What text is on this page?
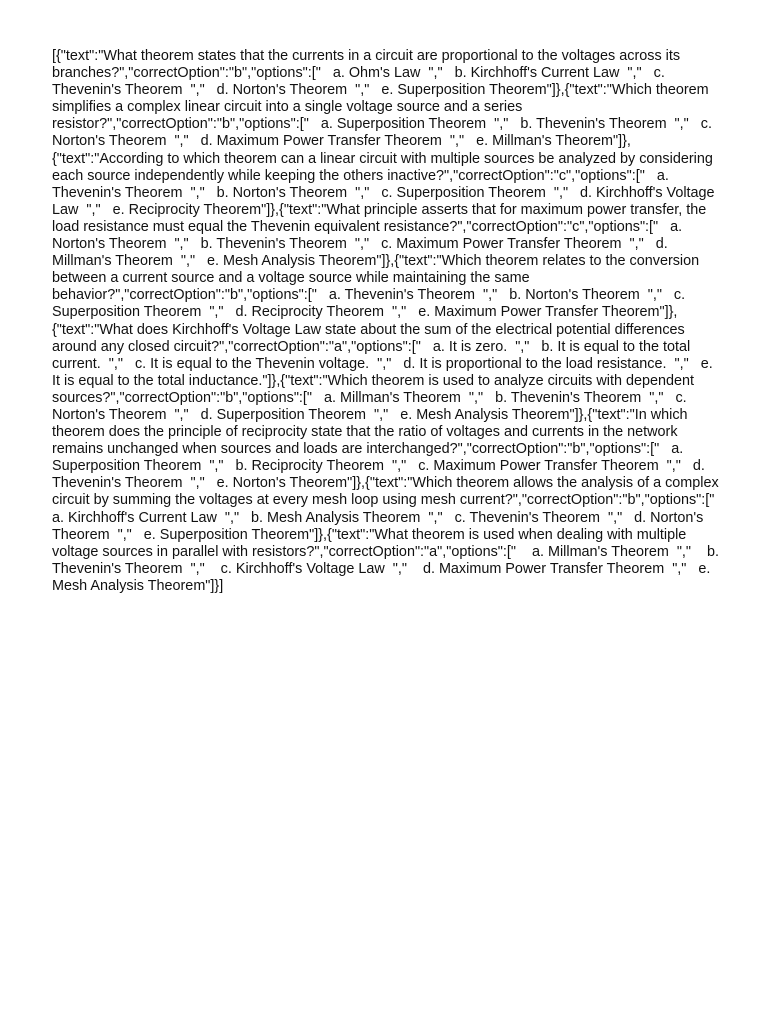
[{"text":"What theorem states that the currents in a circuit are proportional to the voltages across its branches?","correctOption":"b","options":["   a. Ohm's Law  ","   b. Kirchhoff's Current Law  ","   c. Thevenin's Theorem  ","   d. Norton's Theorem  ","   e. Superposition Theorem"]},{"text":"Which theorem simplifies a complex linear circuit into a single voltage source and a series resistor?","correctOption":"b","options":["   a. Superposition Theorem  ","   b. Thevenin's Theorem  ","   c. Norton's Theorem  ","   d. Maximum Power Transfer Theorem  ","   e. Millman's Theorem"]},{"text":"According to which theorem can a linear circuit with multiple sources be analyzed by considering each source independently while keeping the others inactive?","correctOption":"c","options":["   a. Thevenin's Theorem  ","   b. Norton's Theorem  ","   c. Superposition Theorem  ","   d. Kirchhoff's Voltage Law  ","   e. Reciprocity Theorem"]},{"text":"What principle asserts that for maximum power transfer, the load resistance must equal the Thevenin equivalent resistance?","correctOption":"c","options":["   a. Norton's Theorem  ","   b. Thevenin's Theorem  ","   c. Maximum Power Transfer Theorem  ","   d. Millman's Theorem  ","   e. Mesh Analysis Theorem"]},{"text":"Which theorem relates to the conversion between a current source and a voltage source while maintaining the same behavior?","correctOption":"b","options":["   a. Thevenin's Theorem  ","   b. Norton's Theorem  ","   c. Superposition Theorem  ","   d. Reciprocity Theorem  ","   e. Maximum Power Transfer Theorem"]},{"text":"What does Kirchhoff's Voltage Law state about the sum of the electrical potential differences around any closed circuit?","correctOption":"a","options":["   a. It is zero.  ","   b. It is equal to the total current.  ","   c. It is equal to the Thevenin voltage.  ","   d. It is proportional to the load resistance.  ","   e. It is equal to the total inductance."]},{"text":"Which theorem is used to analyze circuits with dependent sources?","correctOption":"b","options":["   a. Millman's Theorem  ","   b. Thevenin's Theorem  ","   c. Norton's Theorem  ","   d. Superposition Theorem  ","   e. Mesh Analysis Theorem"]},{"text":"In which theorem does the principle of reciprocity state that the ratio of voltages and currents in the network remains unchanged when sources and loads are interchanged?","correctOption":"b","options":["   a. Superposition Theorem  ","   b. Reciprocity Theorem  ","   c. Maximum Power Transfer Theorem  ","   d. Thevenin's Theorem  ","   e. Norton's Theorem"]},{"text":"Which theorem allows the analysis of a complex circuit by summing the voltages at every mesh loop using mesh current?","correctOption":"b","options":["   a. Kirchhoff's Current Law  ","   b. Mesh Analysis Theorem  ","   c. Thevenin's Theorem  ","   d. Norton's Theorem  ","   e. Superposition Theorem"]},{"text":"What theorem is used when dealing with multiple voltage sources in parallel with resistors?","correctOption":"a","options":["    a. Millman's Theorem  ","    b. Thevenin's Theorem  ","    c. Kirchhoff's Voltage Law  ","    d. Maximum Power Transfer Theorem  ","   e. Mesh Analysis Theorem"]}]
